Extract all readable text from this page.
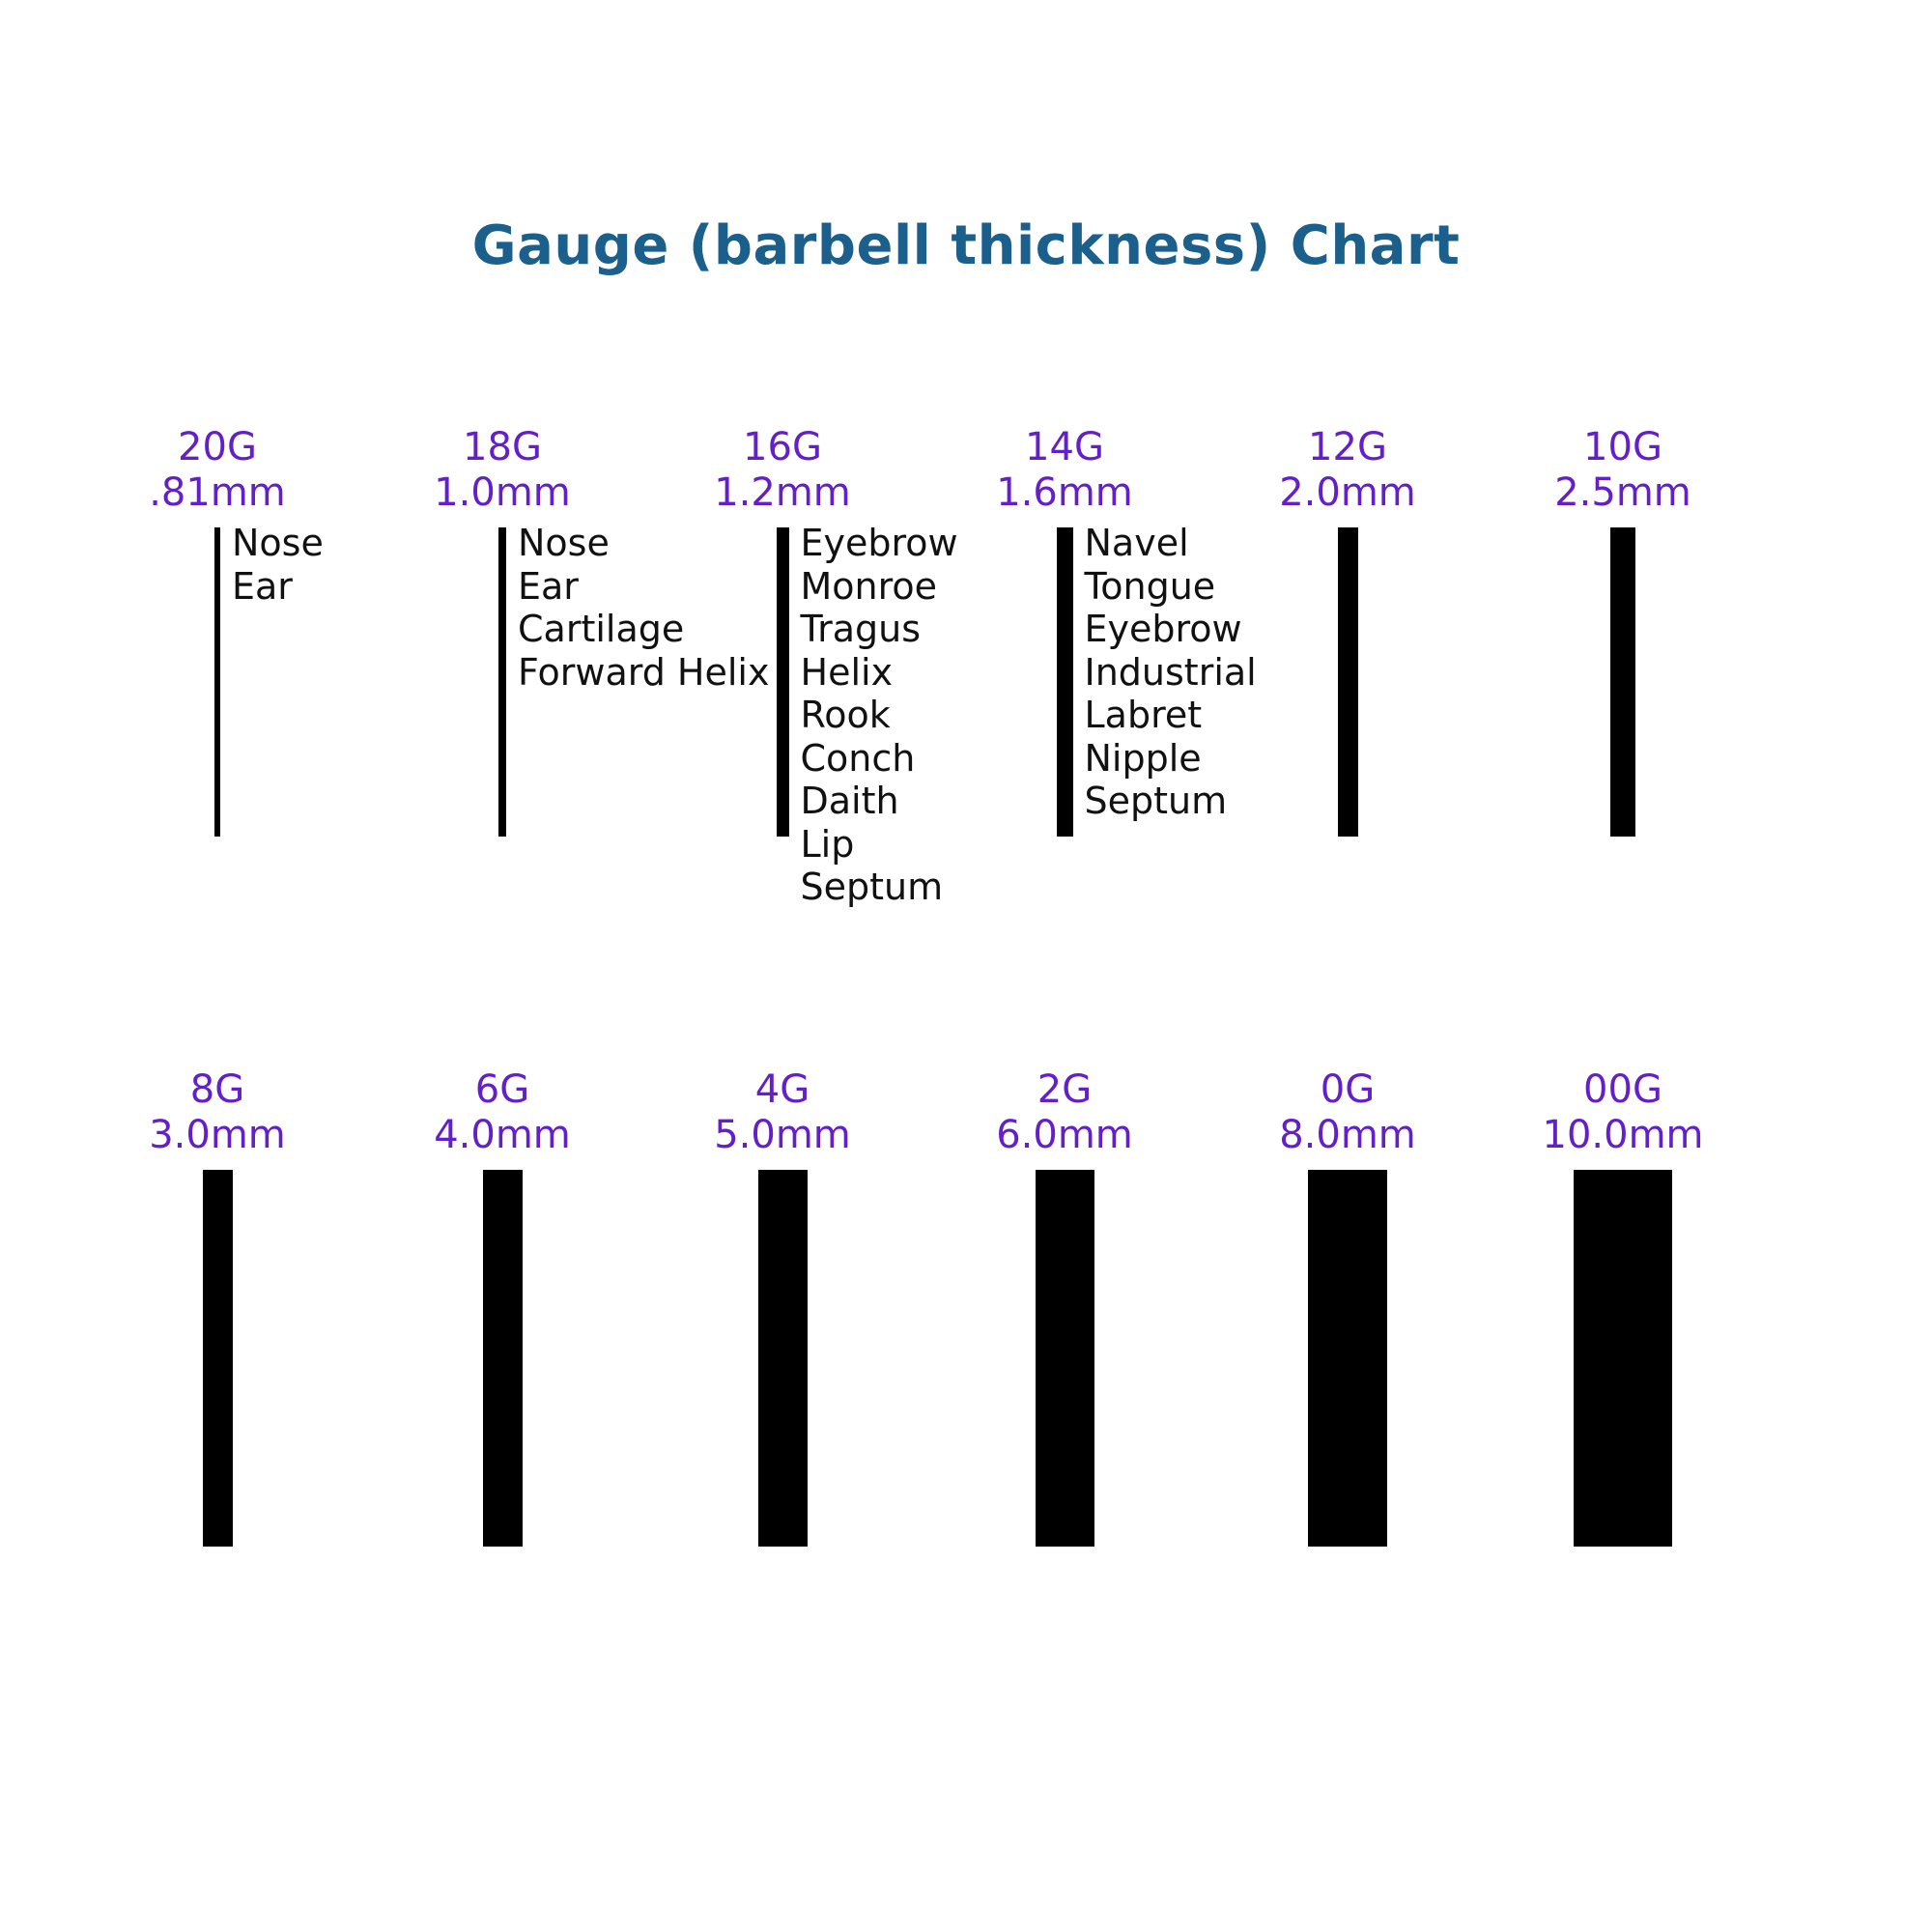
Gauge (barbell thickness) Chart
20G
.81mm
Nose
Ear
18G
1.0mm
Nose
Ear
Cartilage
Forward Helix
16G
1.2mm
Eyebrow
Monroe
Tragus
Helix
Rook
Conch
Daith
Lip
Septum
14G
1.6mm
Navel
Tongue
Eyebrow
Industrial
Labret
Nipple
Septum
12G
2.0mm
10G
2.5mm
8G
3.0mm
6G
4.0mm
4G
5.0mm
2G
6.0mm
0G
8.0mm
00G
10.0mm
